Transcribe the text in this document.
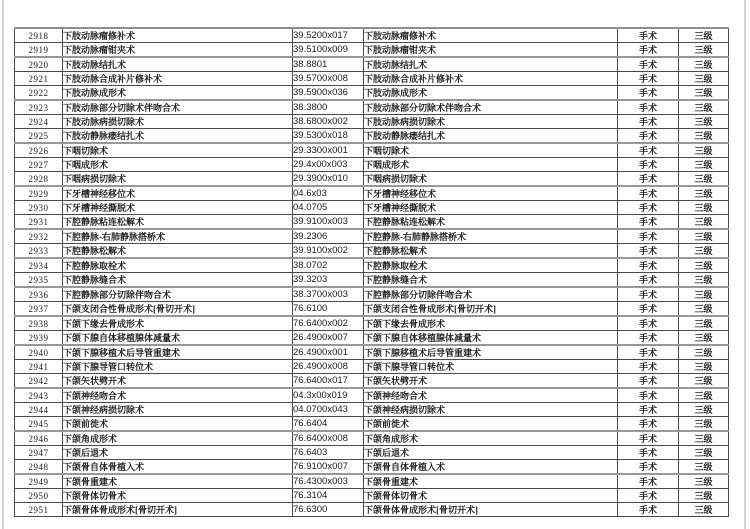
2918	下肢动脉瘤修补术	39.5200x017	下肢动脉瘤修补术	手术	三级
2919	下肢动脉瘤钳夹术	39.5100x009	下肢动脉瘤钳夹术	手术	三级
2920	下肢动脉结扎术	38.8801	下肢动脉结扎术	手术	三级
2921	下肢动脉合成补片修补术	39.5700x008	下肢动脉合成补片修补术	手术	三级
2922	下肢动脉成形术	39.5900x036	下肢动脉成形术	手术	三级
2923	下肢动脉部分切除术伴吻合术	38.3800	下肢动脉部分切除术伴吻合术	手术	三级
2924	下肢动脉病损切除术	38.6800x002	下肢动脉病损切除术	手术	三级
2925	下肢动静脉瘘结扎术	39.5300x018	下肢动静脉瘘结扎术	手术	三级
2926	下咽切除术	29.3300x001	下咽切除术	手术	三级
2927	下咽成形术	29.4x00x003	下咽成形术	手术	三级
2928	下咽病损切除术	29.3900x010	下咽病损切除术	手术	三级
2929	下牙槽神经移位术	04.6x03	下牙槽神经移位术	手术	三级
2930	下牙槽神经撕脱术	04.0705	下牙槽神经撕脱术	手术	三级
2931	下腔静脉粘连松解术	39.9100x003	下腔静脉粘连松解术	手术	三级
2932	下腔静脉-右肺静脉搭桥术	39.2306	下腔静脉-右肺静脉搭桥术	手术	三级
2933	下腔静脉松解术	39.9100x002	下腔静脉松解术	手术	三级
2934	下腔静脉取栓术	38.0702	下腔静脉取栓术	手术	三级
2935	下腔静脉缝合术	39.3203	下腔静脉缝合术	手术	三级
2936	下腔静脉部分切除伴吻合术	38.3700x003	下腔静脉部分切除伴吻合术	手术	三级
2937	下颌支闭合性骨成形术[骨切开术]	76.6100	下颌支闭合性骨成形术[骨切开术]	手术	三级
2938	下颌下缘去骨成形术	76.6400x002	下颌下缘去骨成形术	手术	三级
2939	下颌下腺自体移植腺体减量术	26.4900x007	下颌下腺自体移植腺体减量术	手术	三级
2940	下颌下腺移植术后导管重建术	26.4900x001	下颌下腺移植术后导管重建术	手术	三级
2941	下颌下腺导管口转位术	26.4900x008	下颌下腺导管口转位术	手术	三级
2942	下颌矢状劈开术	76.6400x017	下颌矢状劈开术	手术	三级
2943	下颌神经吻合术	04.3x00x019	下颌神经吻合术	手术	三级
2944	下颌神经病损切除术	04.0700x043	下颌神经病损切除术	手术	三级
2945	下颌前徙术	76.6404	下颌前徙术	手术	三级
2946	下颌角成形术	76.6400x008	下颌角成形术	手术	三级
2947	下颌后退术	76.6403	下颌后退术	手术	三级
2948	下颌骨自体骨植入术	76.9100x007	下颌骨自体骨植入术	手术	三级
2949	下颌骨重建术	76.4300x003	下颌骨重建术	手术	三级
2950	下颌骨体切骨术	76.3104	下颌骨体切骨术	手术	三级
2951	下颌骨体骨成形术[骨切开术]	76.6300	下颌骨体骨成形术[骨切开术]	手术	三级
